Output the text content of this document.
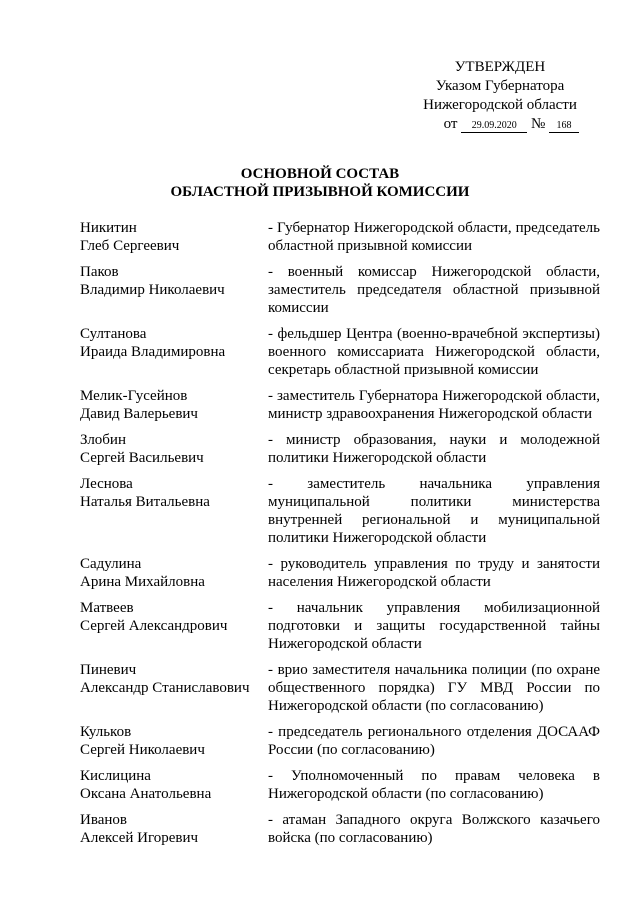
УТВЕРЖДЕН
Указом Губернатора
Нижегородской области
от 29.09.2020 № 168
ОСНОВНОЙ СОСТАВ
ОБЛАСТНОЙ ПРИЗЫВНОЙ КОМИССИИ
Никитин
Глеб Сергеевич
- Губернатор Нижегородской области, председатель областной призывной комиссии
Паков
Владимир Николаевич
- военный комиссар Нижегородской области, заместитель председателя областной призывной комиссии
Султанова
Ираида Владимировна
- фельдшер Центра (военно-врачебной экспертизы) военного комиссариата Нижегородской области, секретарь областной призывной комиссии
Мелик-Гусейнов
Давид Валерьевич
- заместитель Губернатора Нижегородской области, министр здравоохранения Нижегородской области
Злобин
Сергей Васильевич
- министр образования, науки и молодежной политики Нижегородской области
Леснова
Наталья Витальевна
- заместитель начальника управления муниципальной политики министерства внутренней региональной и муниципальной политики Нижегородской области
Садулина
Арина Михайловна
- руководитель управления по труду и занятости населения Нижегородской области
Матвеев
Сергей Александрович
- начальник управления мобилизационной подготовки и защиты государственной тайны Нижегородской области
Пиневич
Александр Станиславович
- врио заместителя начальника полиции (по охране общественного порядка) ГУ МВД России по Нижегородской области (по согласованию)
Кульков
Сергей Николаевич
- председатель регионального отделения ДОСААФ России (по согласованию)
Кислицина
Оксана Анатольевна
- Уполномоченный по правам человека в Нижегородской области (по согласованию)
Иванов
Алексей Игоревич
- атаман Западного округа Волжского казачьего войска (по согласованию)
